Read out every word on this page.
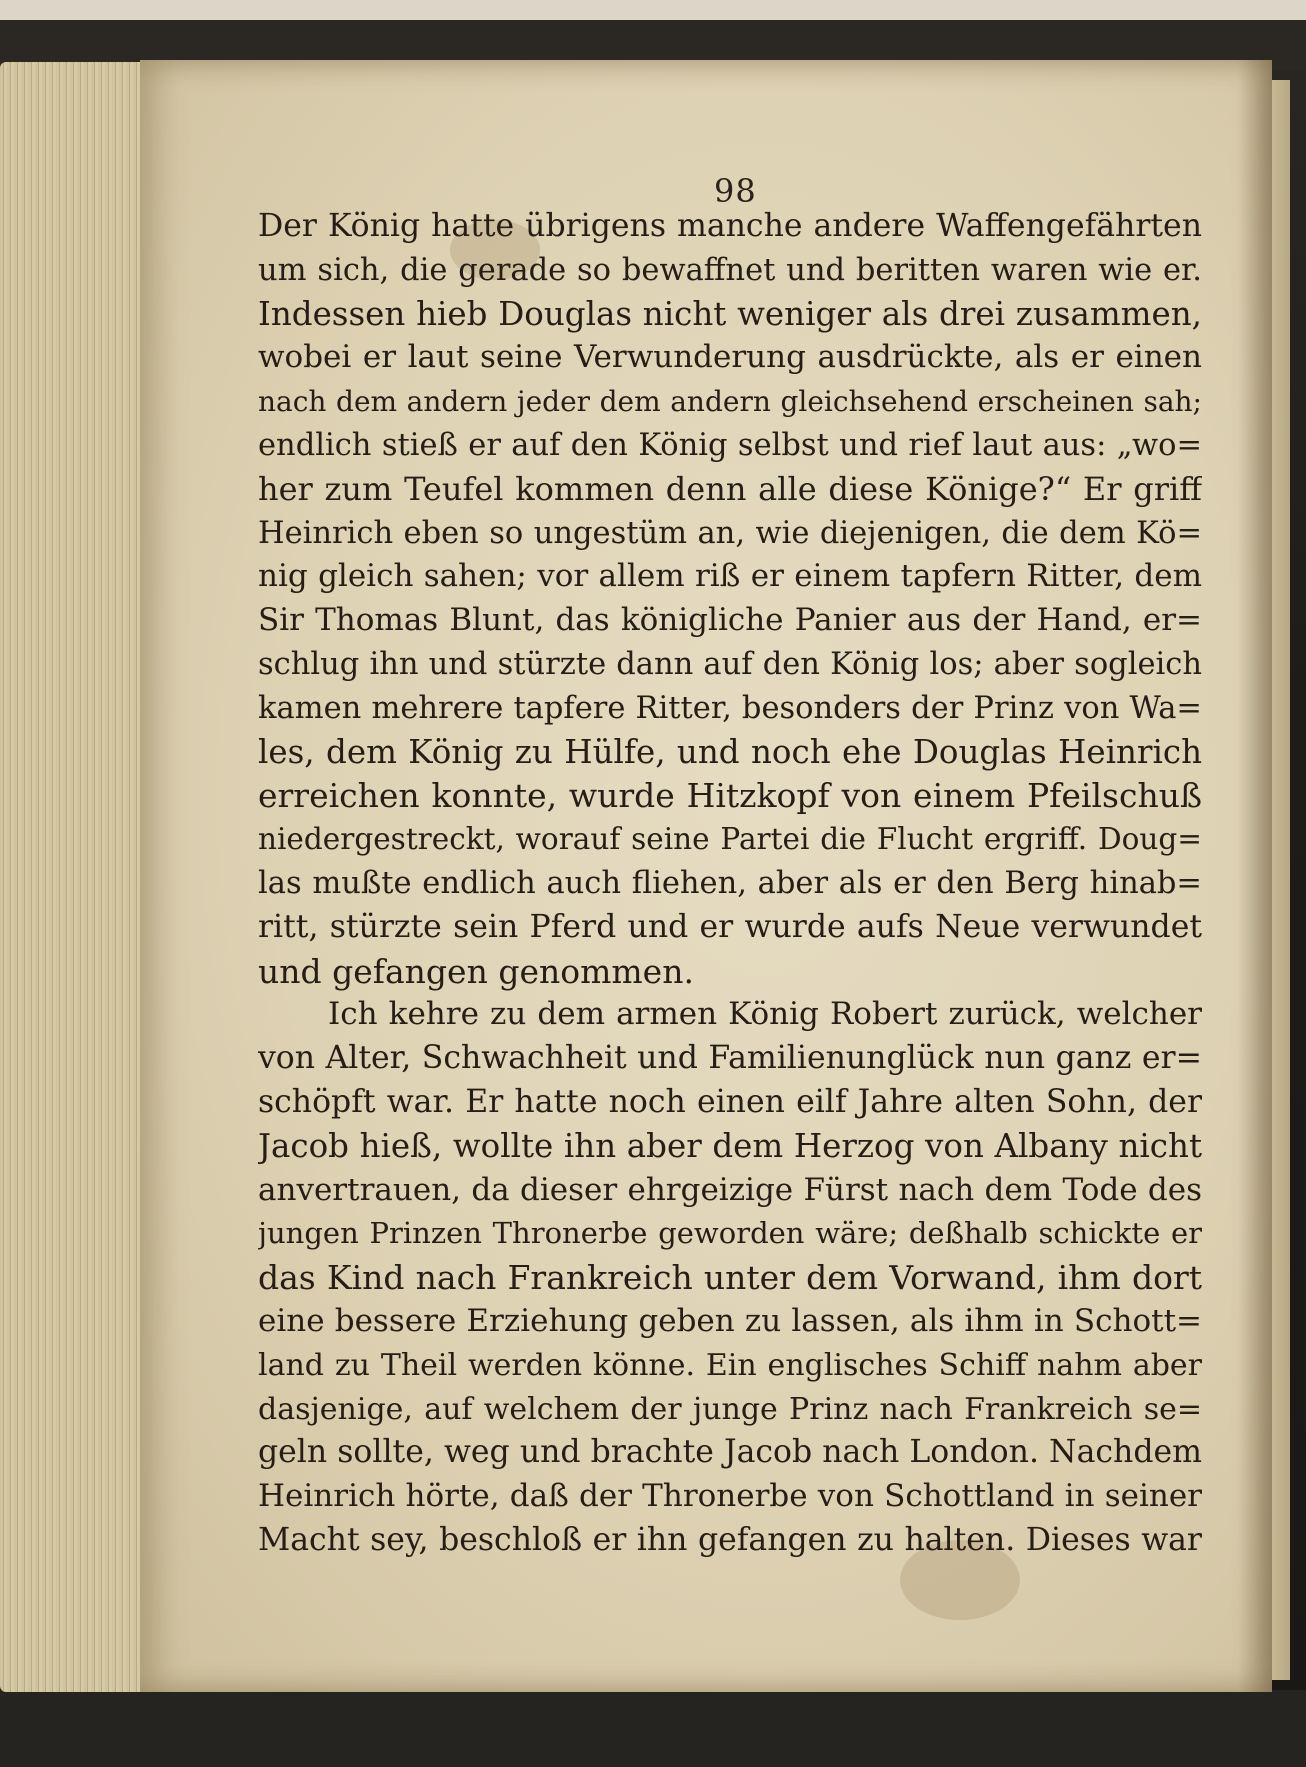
98
Der König hatte übrigens manche andere Waffengefährten
um sich, die gerade so bewaffnet und beritten waren wie er.
Indessen hieb Douglas nicht weniger als drei zusammen,
wobei er laut seine Verwunderung ausdrückte, als er einen
nach dem andern jeder dem andern gleichsehend erscheinen sah;
endlich stieß er auf den König selbst und rief laut aus: „wo=
her zum Teufel kommen denn alle diese Könige?“ Er griff
Heinrich eben so ungestüm an, wie diejenigen, die dem Kö=
nig gleich sahen; vor allem riß er einem tapfern Ritter, dem
Sir Thomas Blunt, das königliche Panier aus der Hand, er=
schlug ihn und stürzte dann auf den König los; aber sogleich
kamen mehrere tapfere Ritter, besonders der Prinz von Wa=
les, dem König zu Hülfe, und noch ehe Douglas Heinrich
erreichen konnte, wurde Hitzkopf von einem Pfeilschuß
niedergestreckt, worauf seine Partei die Flucht ergriff. Doug=
las mußte endlich auch fliehen, aber als er den Berg hinab=
ritt, stürzte sein Pferd und er wurde aufs Neue verwundet
und gefangen genommen.
Ich kehre zu dem armen König Robert zurück, welcher
von Alter, Schwachheit und Familienunglück nun ganz er=
schöpft war. Er hatte noch einen eilf Jahre alten Sohn, der
Jacob hieß, wollte ihn aber dem Herzog von Albany nicht
anvertrauen, da dieser ehrgeizige Fürst nach dem Tode des
jungen Prinzen Thronerbe geworden wäre; deßhalb schickte er
das Kind nach Frankreich unter dem Vorwand, ihm dort
eine bessere Erziehung geben zu lassen, als ihm in Schott=
land zu Theil werden könne. Ein englisches Schiff nahm aber
dasjenige, auf welchem der junge Prinz nach Frankreich se=
geln sollte, weg und brachte Jacob nach London. Nachdem
Heinrich hörte, daß der Thronerbe von Schottland in seiner
Macht sey, beschloß er ihn gefangen zu halten. Dieses war
